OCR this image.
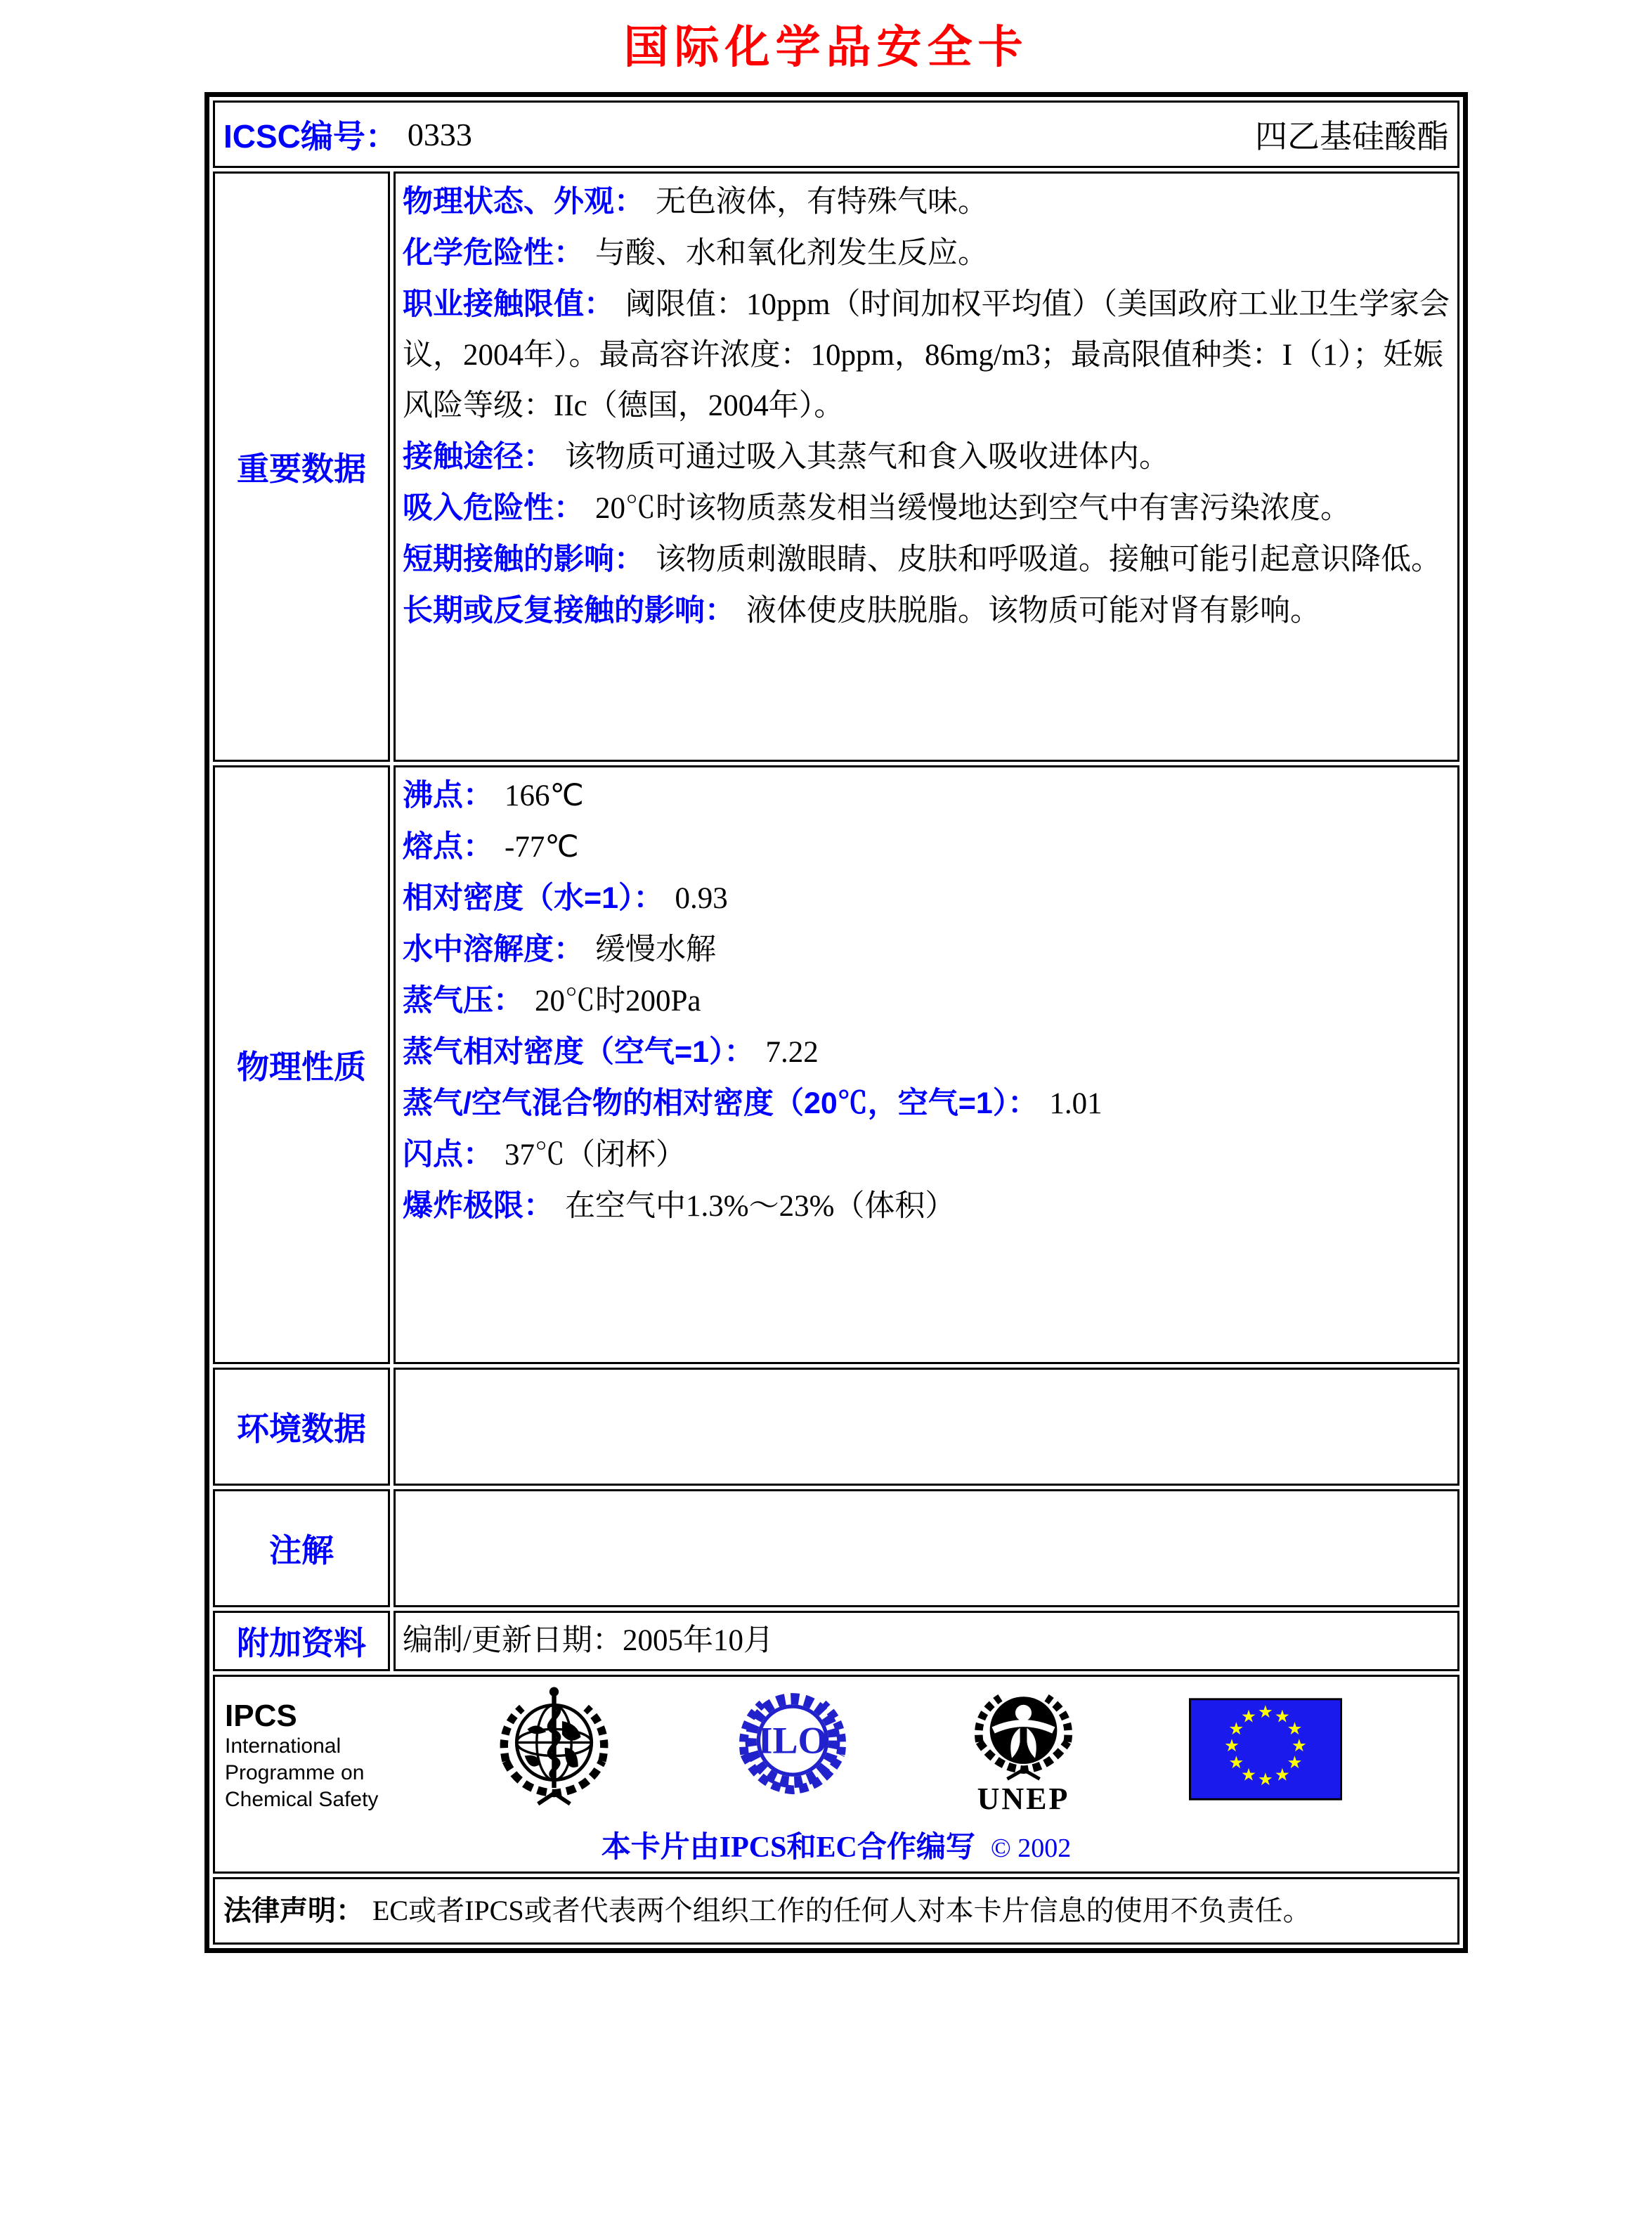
国际化学品安全卡
ICSC编号： 0333	四乙基硅酸酯
重要数据
物理状态、外观： 无色液体，有特殊气味。
化学危险性： 与酸、水和氧化剂发生反应。
职业接触限值： 阈限值：10ppm（时间加权平均值）（美国政府工业卫生学家会议，2004年）。最高容许浓度：10ppm，86mg/m3；最高限值种类：I（1）；妊娠风险等级：IIc（德国，2004年）。
接触途径： 该物质可通过吸入其蒸气和食入吸收进体内。
吸入危险性： 20℃时该物质蒸发相当缓慢地达到空气中有害污染浓度。
短期接触的影响： 该物质刺激眼睛、皮肤和呼吸道。接触可能引起意识降低。
长期或反复接触的影响： 液体使皮肤脱脂。该物质可能对肾有影响。
物理性质
沸点： 166℃
熔点： -77℃
相对密度（水=1）： 0.93
水中溶解度： 缓慢水解
蒸气压： 20℃时200Pa
蒸气相对密度（空气=1）： 7.22
蒸气/空气混合物的相对密度（20℃，空气=1）： 1.01
闪点： 37℃（闭杯）
爆炸极限： 在空气中1.3%～23%（体积）
环境数据
注解
附加资料	编制/更新日期：2005年10月
IPCS
International
Programme on
Chemical Safety
ILO
UNEP
★ ★
★
★
★
★
★
★
★
★
★
★
本卡片由IPCS和EC合作编写 © 2002
法律声明： EC或者IPCS或者代表两个组织工作的任何人对本卡片信息的使用不负责任。
